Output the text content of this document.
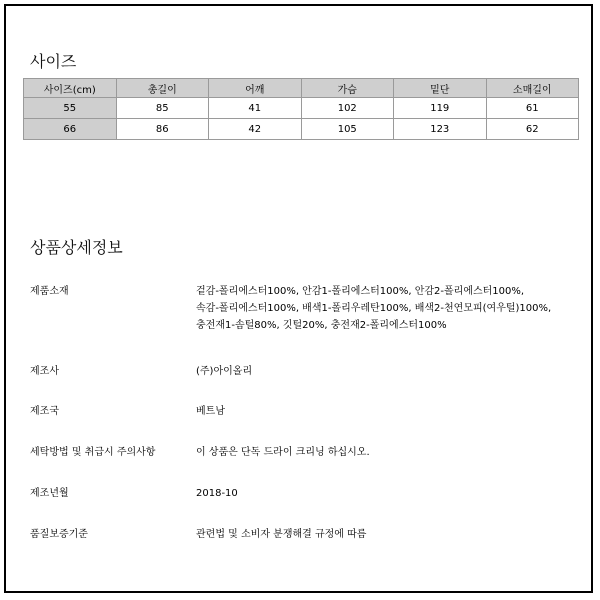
사이즈
사이즈(cm)	총길이	어깨	가슴	밑단	소매길이
55	85	41	102	119	61
66	86	42	105	123	62
상품상세정보
제품소재	겉감-폴리에스터100%, 안감1-폴리에스터100%, 안감2-폴리에스터100%,
속감-폴리에스터100%, 배색1-폴리우레탄100%, 배색2-천연모피(여우털)100%,
충전재1-솜털80%, 깃털20%, 충전재2-폴리에스터100%
제조사	(주)아이올리
제조국	베트남
세탁방법 및 취급시 주의사항	이 상품은 단독 드라이 크리닝 하십시오.
제조년월	2018-10
품질보증기준	관련법 및 소비자 분쟁해결 규정에 따름
